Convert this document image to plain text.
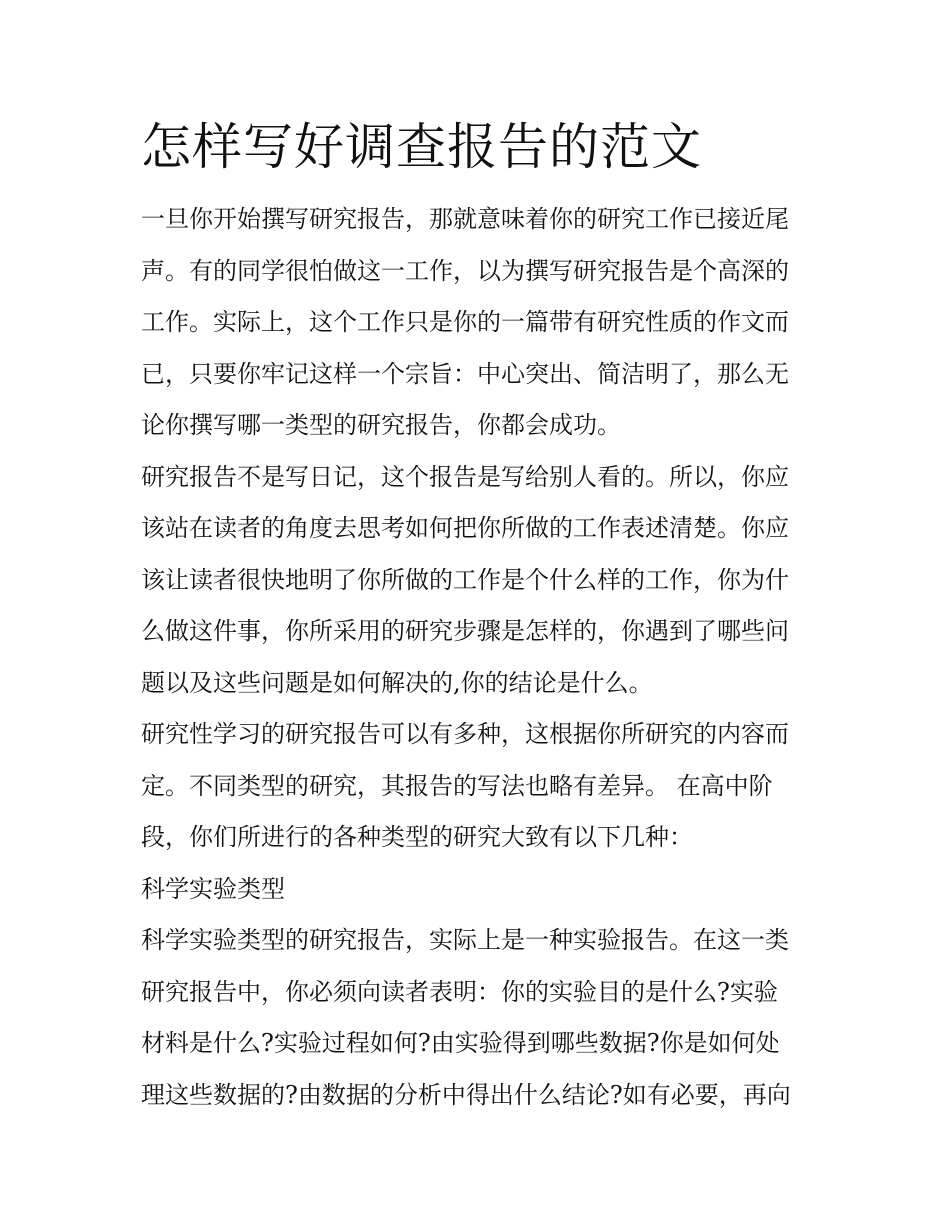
怎样写好调查报告的范文
一旦你开始撰写研究报告，那就意味着你的研究工作已接近尾
声。有的同学很怕做这一工作，以为撰写研究报告是个高深的
工作。实际上，这个工作只是你的一篇带有研究性质的作文而
已，只要你牢记这样一个宗旨：中心突出、简洁明了，那么无
论你撰写哪一类型的研究报告，你都会成功。
研究报告不是写日记，这个报告是写给别人看的。所以，你应
该站在读者的角度去思考如何把你所做的工作表述清楚。你应
该让读者很快地明了你所做的工作是个什么样的工作，你为什
么做这件事，你所采用的研究步骤是怎样的，你遇到了哪些问
题以及这些问题是如何解决的,你的结论是什么。
研究性学习的研究报告可以有多种，这根据你所研究的内容而
定。不同类型的研究，其报告的写法也略有差异。 在高中阶
段，你们所进行的各种类型的研究大致有以下几种：
科学实验类型
科学实验类型的研究报告，实际上是一种实验报告。在这一类
研究报告中，你必须向读者表明：你的实验目的是什么?实验
材料是什么?实验过程如何?由实验得到哪些数据?你是如何处
理这些数据的?由数据的分析中得出什么结论?如有必要，再向
